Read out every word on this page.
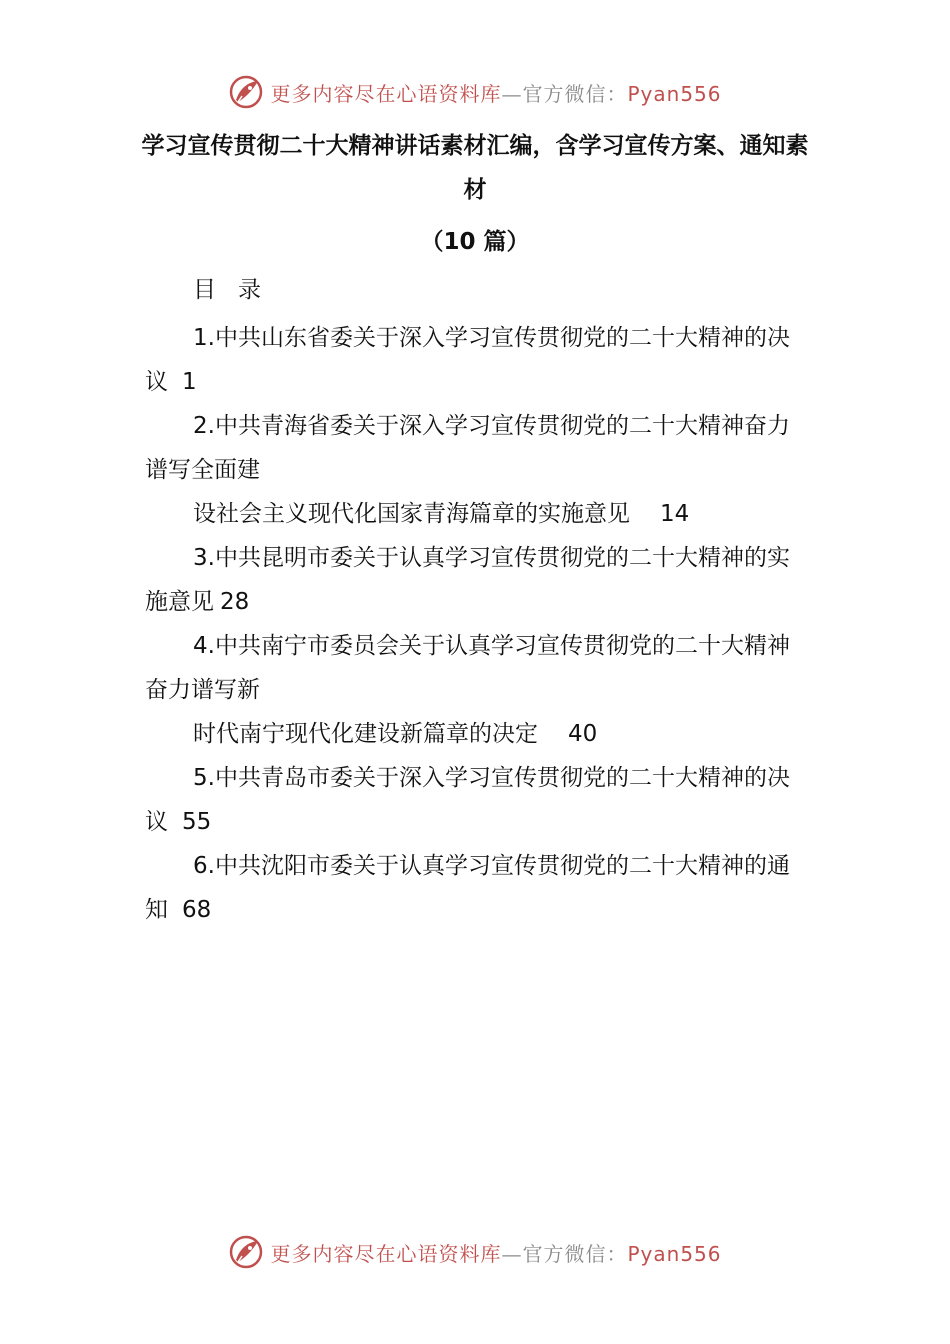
更多内容尽在心语资料库—官方微信：Pyan556
学习宣传贯彻二十大精神讲话素材汇编，含学习宣传方案、通知素材

（10 篇）

目 录

1.中共山东省委关于深入学习宣传贯彻党的二十大精神的决议 1

2.中共青海省委关于深入学习宣传贯彻党的二十大精神奋力谱写全面建

设社会主义现代化国家青海篇章的实施意见 14

3.中共昆明市委关于认真学习宣传贯彻党的二十大精神的实施意见 28

4.中共南宁市委员会关于认真学习宣传贯彻党的二十大精神奋力谱写新

时代南宁现代化建设新篇章的决定 40

5.中共青岛市委关于深入学习宣传贯彻党的二十大精神的决议 55

6.中共沈阳市委关于认真学习宣传贯彻党的二十大精神的通知 68

更多内容尽在心语资料库—官方微信：Pyan556
